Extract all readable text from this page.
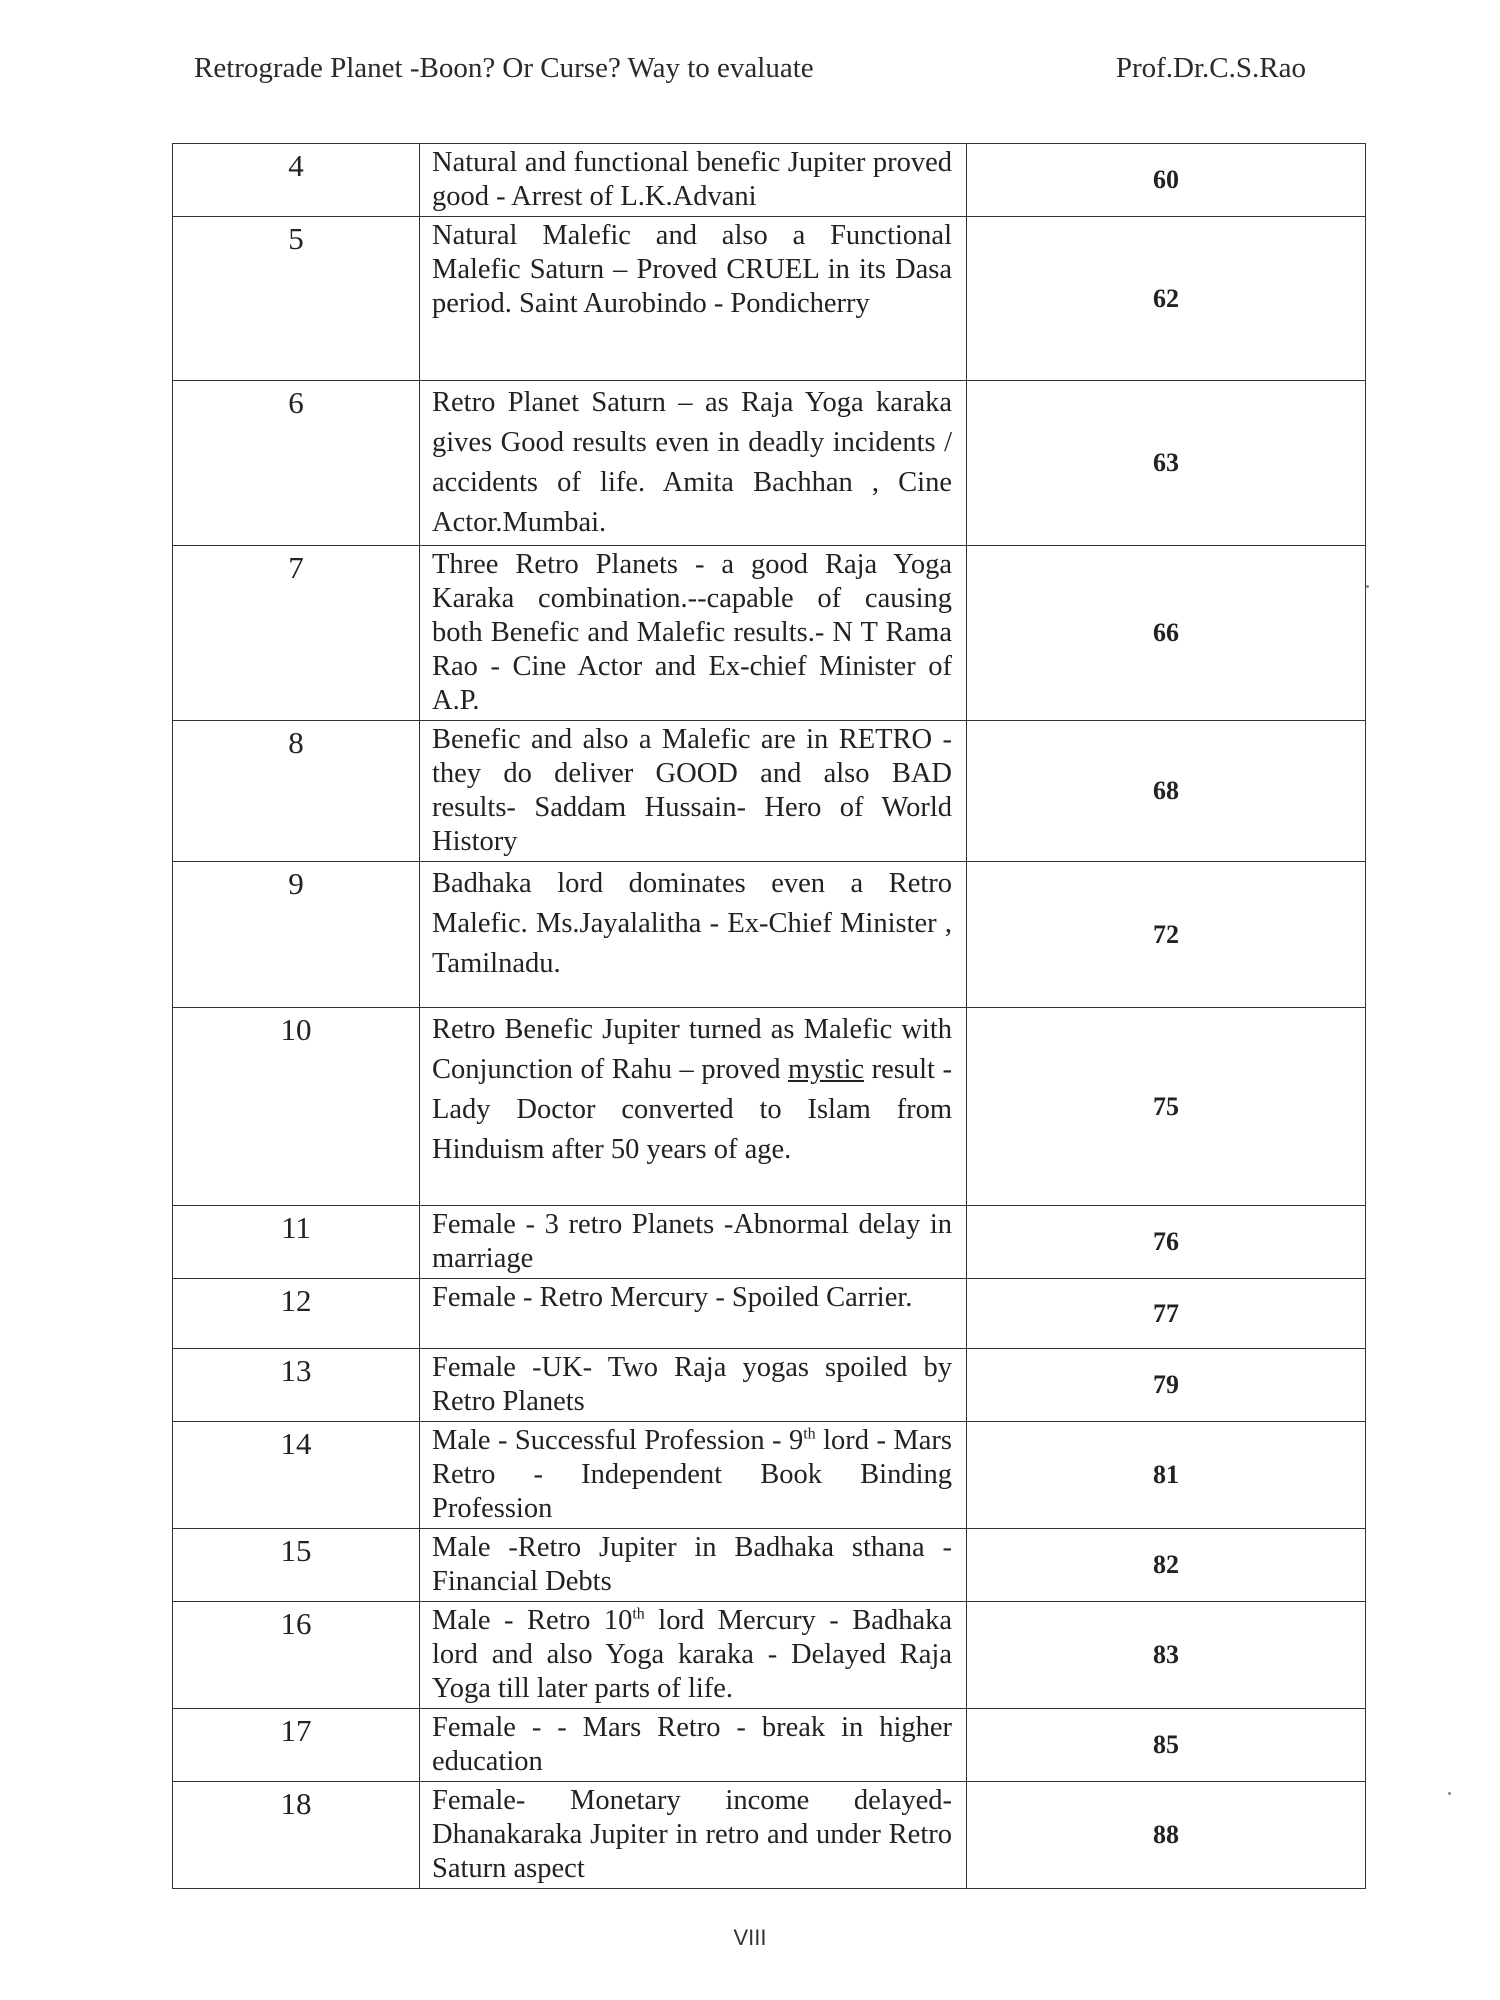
Retrograde Planet -Boon? Or Curse? Way to evaluate	Prof.Dr.C.S.Rao
4	Natural and functional benefic Jupiter proved good - Arrest of L.K.Advani	60
5	Natural Malefic and also a Functional Malefic Saturn – Proved CRUEL in its Dasa period. Saint Aurobindo - Pondicherry	62
6	Retro Planet Saturn – as Raja Yoga karaka gives Good results even in deadly incidents / accidents of life. Amita Bachhan , Cine Actor.Mumbai.	63
7	Three Retro Planets - a good Raja Yoga Karaka combination.--capable of causing both Benefic and Malefic results.- N T Rama Rao - Cine Actor and Ex-chief Minister of A.P.	66
8	Benefic and also a Malefic are in RETRO - they do deliver GOOD and also BAD results- Saddam Hussain- Hero of World History	68
9	Badhaka lord dominates even a Retro Malefic. Ms.Jayalalitha - Ex-Chief Minister , Tamilnadu.	72
10	Retro Benefic Jupiter turned as Malefic with Conjunction of Rahu – proved mystic result - Lady Doctor converted to Islam from Hinduism after 50 years of age.	75
11	Female - 3 retro Planets -Abnormal delay in marriage	76
12	Female - Retro Mercury - Spoiled Carrier.	77
13	Female -UK- Two Raja yogas spoiled by Retro Planets	79
14	Male - Successful Profession - 9th lord - Mars Retro - Independent Book Binding Profession	81
15	Male -Retro Jupiter in Badhaka sthana - Financial Debts	82
16	Male - Retro 10th lord Mercury - Badhaka lord and also Yoga karaka - Delayed Raja Yoga till later parts of life.	83
17	Female - - Mars Retro - break in higher education	85
18	Female- Monetary income delayed- Dhanakaraka Jupiter in retro and under Retro Saturn aspect	88
VIII
